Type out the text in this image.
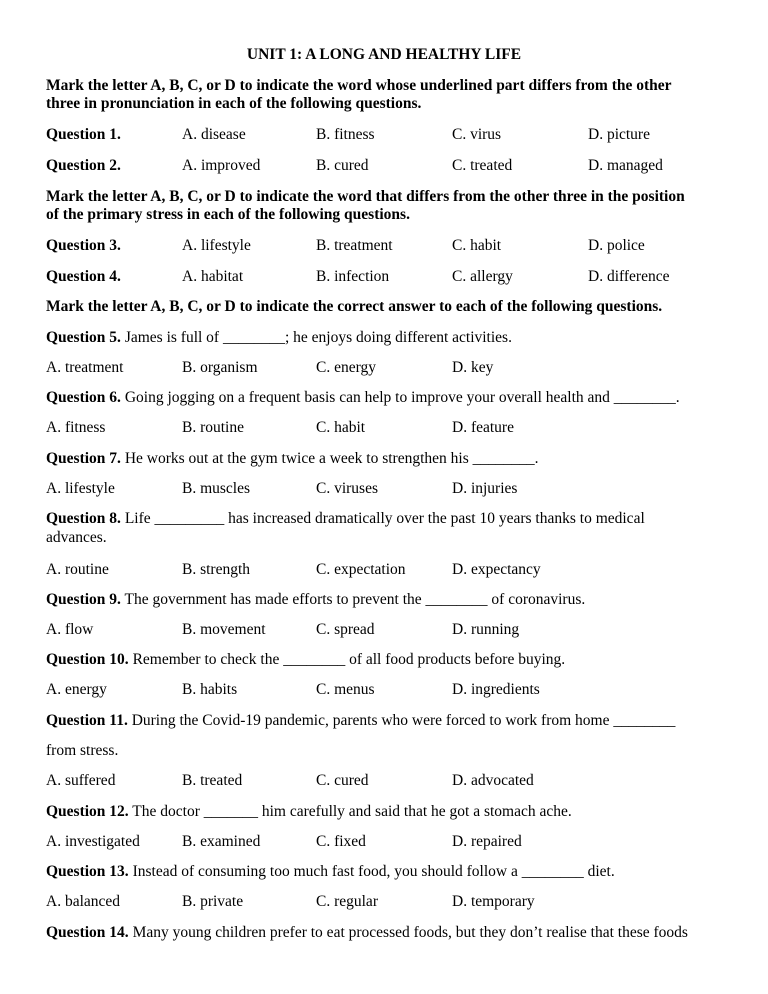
UNIT 1: A LONG AND HEALTHY LIFE
Mark the letter A, B, C, or D to indicate the word whose underlined part differs from the other
three in pronunciation in each of the following questions.
Question 1.	A. disease	B. fitness	C. virus	D. picture
Question 2.	A. improved	B. cured	C. treated	D. managed
Mark the letter A, B, C, or D to indicate the word that differs from the other three in the position
of the primary stress in each of the following questions.
Question 3.	A. lifestyle	B. treatment	C. habit	D. police
Question 4.	A. habitat	B. infection	C. allergy	D. difference
Mark the letter A, B, C, or D to indicate the correct answer to each of the following questions.
Question 5. James is full of ________; he enjoys doing different activities.
A. treatment	B. organism	C. energy	D. key
Question 6. Going jogging on a frequent basis can help to improve your overall health and ________.
A. fitness	B. routine	C. habit	D. feature
Question 7. He works out at the gym twice a week to strengthen his ________.
A. lifestyle	B. muscles	C. viruses	D. injuries
Question 8. Life _________ has increased dramatically over the past 10 years thanks to medical
advances.
A. routine	B. strength	C. expectation	D. expectancy
Question 9. The government has made efforts to prevent the ________ of coronavirus.
A. flow	B. movement	C. spread	D. running
Question 10. Remember to check the ________ of all food products before buying.
A. energy	B. habits	C. menus	D. ingredients
Question 11. During the Covid-19 pandemic, parents who were forced to work from home ________
from stress.
A. suffered	B. treated	C. cured	D. advocated
Question 12. The doctor _______ him carefully and said that he got a stomach ache.
A. investigated	B. examined	C. fixed	D. repaired
Question 13. Instead of consuming too much fast food, you should follow a ________ diet.
A. balanced	B. private	C. regular	D. temporary
Question 14. Many young children prefer to eat processed foods, but they don’t realise that these foods
